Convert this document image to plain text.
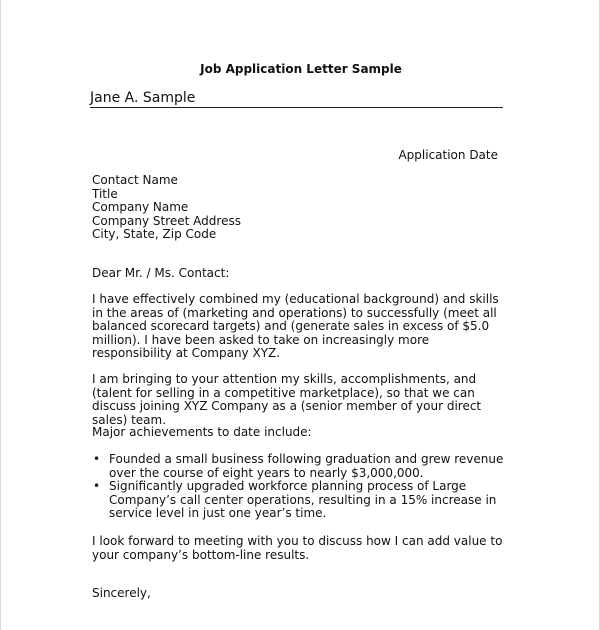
Job Application Letter Sample
Jane A. Sample
Application Date
Contact Name
Title
Company Name
Company Street Address
City, State, Zip Code
Dear Mr. / Ms. Contact:
I have effectively combined my (educational background) and skills in the areas of (marketing and operations) to successfully (meet all balanced scorecard targets) and (generate sales in excess of $5.0 million). I have been asked to take on increasingly more responsibility at Company XYZ.
I am bringing to your attention my skills, accomplishments, and (talent for selling in a competitive marketplace), so that we can discuss joining XYZ Company as a (senior member of your direct sales) team.
Major achievements to date include:
• Founded a small business following graduation and grew revenue over the course of eight years to nearly $3,000,000.
• Significantly upgraded workforce planning process of Large Company’s call center operations, resulting in a 15% increase in service level in just one year’s time.
I look forward to meeting with you to discuss how I can add value to your company’s bottom-line results.
Sincerely,
